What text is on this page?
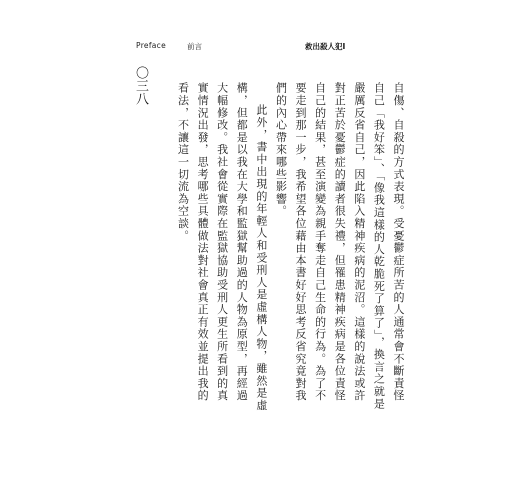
Preface	前言	救出殺人犯Ⅰ
〇三八	自傷、自殺的方式表現。受憂鬱症所苦的人通常會不斷責怪自己「我好笨」、「像我這樣的人乾脆死了算了」，換言之就是嚴厲反省自己，因此陷入精神疾病的泥沼。這樣的說法或許對正苦於憂鬱症的讀者很失禮，但罹患精神疾病是各位責怪自己的結果，甚至演變為親手奪走自己生命的行為。為了不要走到那一步，我希望各位藉由本書好好思考反省究竟對我們的內心帶來哪些影響。

此外，書中出現的年輕人和受刑人是虛構人物，雖然是虛構，但都是以我在大學和監獄幫助過的人物為原型，再經過大幅修改。我社會從實際在監獄協助受刑人更生所看到的真實情況出發，思考哪些具體做法對社會真正有效並提出我的看法，不讓這一切流為空談。
